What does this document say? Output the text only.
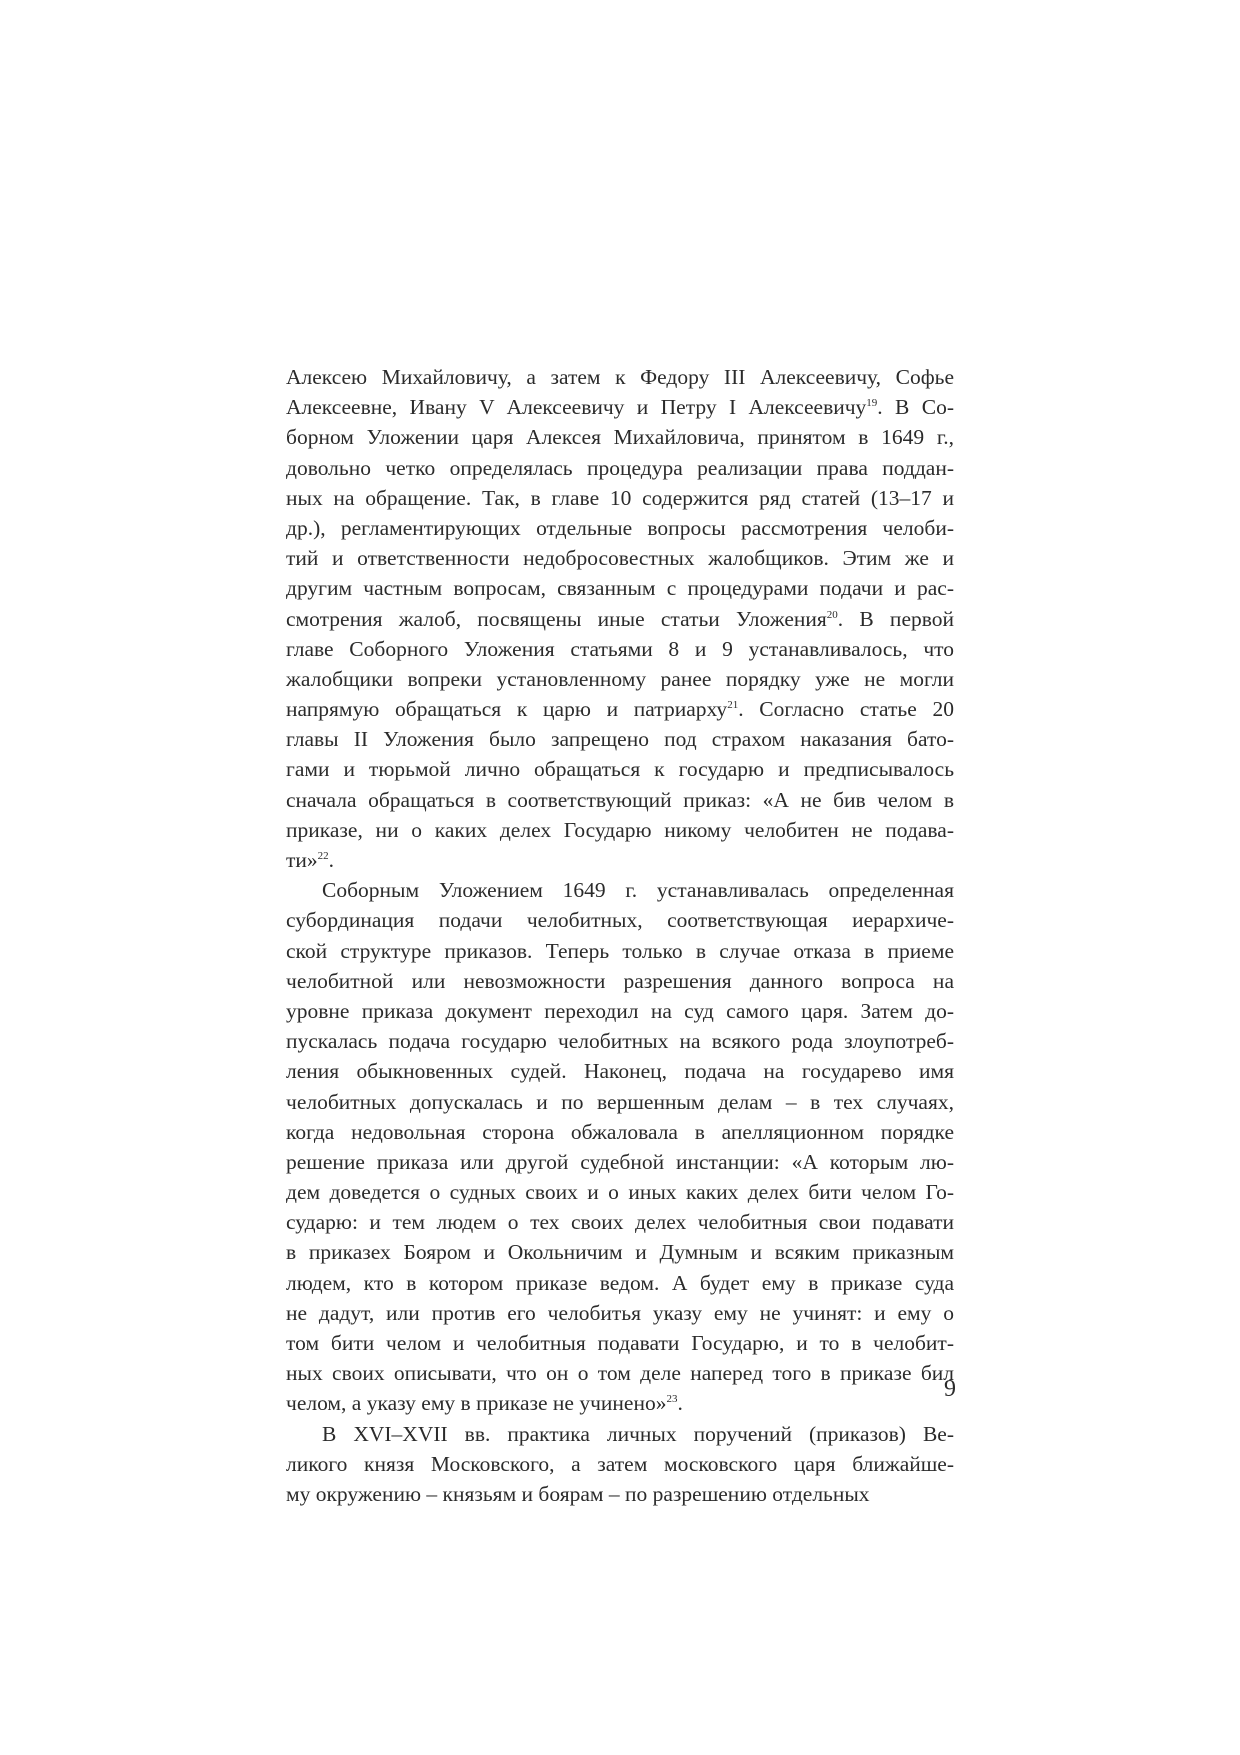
Алексею Михайловичу, а затем к Федору III Алексеевичу, Софье
Алексеевне, Ивану V Алексеевичу и Петру I Алексеевичу$^{19}$. В Со-
борном Уложении царя Алексея Михайловича, принятом в 1649 г.,
довольно четко определялась процедура реализации права поддан-
ных на обращение. Так, в главе 10 содержится ряд статей (13–17 и
др.), регламентирующих отдельные вопросы рассмотрения челоби-
тий и ответственности недобросовестных жалобщиков. Этим же и
другим частным вопросам, связанным с процедурами подачи и рас-
смотрения жалоб, посвящены иные статьи Уложения$^{20}$. В первой
главе Соборного Уложения статьями 8 и 9 устанавливалось, что
жалобщики вопреки установленному ранее порядку уже не могли
напрямую обращаться к царю и патриарху$^{21}$. Согласно статье 20
главы II Уложения было запрещено под страхом наказания бато-
гами и тюрьмой лично обращаться к государю и предписывалось
сначала обращаться в соответствующий приказ: «А не бив челом в
приказе, ни о каких делех Государю никому челобитен не подава-
ти»$^{22}$.
Соборным Уложением 1649 г. устанавливалась определенная
субординация подачи челобитных, соответствующая иерархиче-
ской структуре приказов. Теперь только в случае отказа в приеме
челобитной или невозможности разрешения данного вопроса на
уровне приказа документ переходил на суд самого царя. Затем до-
пускалась подача государю челобитных на всякого рода злоупотреб-
ления обыкновенных судей. Наконец, подача на государево имя
челобитных допускалась и по вершенным делам – в тех случаях,
когда недовольная сторона обжаловала в апелляционном порядке
решение приказа или другой судебной инстанции: «А которым лю-
дем доведется о судных своих и о иных каких делех бити челом Го-
сударю: и тем людем о тех своих делех челобитныя свои подавати
в приказех Бояром и Окольничим и Думным и всяким приказным
людем, кто в котором приказе ведом. А будет ему в приказе суда
не дадут, или против его челобитья указу ему не учинят: и ему о
том бити челом и челобитныя подавати Государю, и то в челобит-
ных своих описывати, что он о том деле наперед того в приказе бил
челом, а указу ему в приказе не учинено»$^{23}$.
В XVI–XVII вв. практика личных поручений (приказов) Ве-
ликого князя Московского, а затем московского царя ближайше-
му окружению – князьям и боярам – по разрешению отдельных
9
